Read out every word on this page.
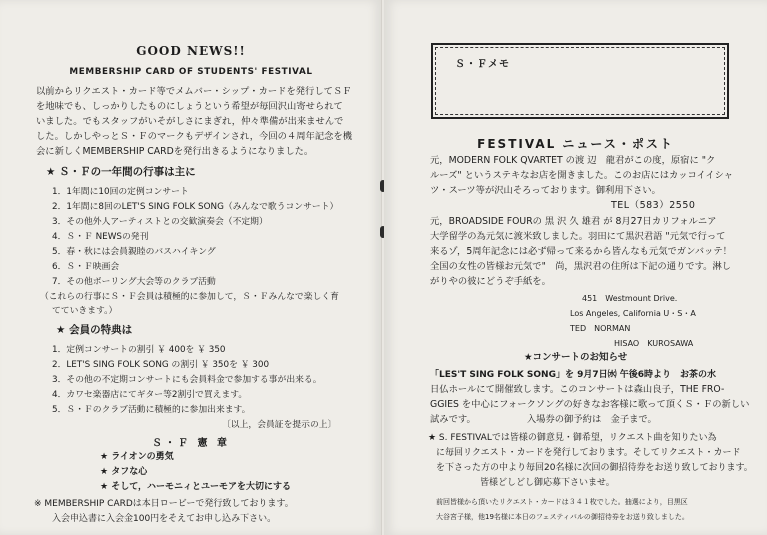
GOOD NEWS!!
MEMBERSHIP CARD OF STUDENTS' FESTIVAL
以前からリクエスト・カード等でメムバー・シップ・カードを発行してＳＦ
を地味でも、しっかりしたものにしょうという希望が毎回沢山寄せられて
いました。でもスタッフがいそがしさにまぎれ，仲々準備が出来ませんで
した。しかしやっとＳ・Ｆのマークもデザインされ，今回の４周年記念を機
会に新しくMEMBERSHIP CARDを発行出きるようになりました。
★ Ｓ・Ｆの一年間の行事は主に
1．1年間に10回の定例コンサート
2．1年間に8回のLET'S SING FOLK SONG（みんなで歌うコンサート）
3．その他外人アーティストとの交歓演奏会（不定期）
4．Ｓ・Ｆ NEWSの発刊
5．春・秋には会員親睦のバスハイキング
6．Ｓ・Ｆ映画会
7．その他ボーリング大会等のクラブ活動
（これらの行事にＳ・Ｆ会員は積極的に参加して，Ｓ・Ｆみんなで楽しく育
てていきます。）
★ 会員の特典は
1．定例コンサートの割引 ￥ 400を ￥ 350
2．LET'S SING FOLK SONG の割引 ￥ 350を ￥ 300
3．その他の不定期コンサートにも会員料金で参加する事が出来る。
4．カワセ楽器店にてギター等2割引で買えます。
5．Ｓ・Ｆのクラブ活動に積極的に参加出来ます。
〔以上，会員証を提示の上〕
Ｓ・Ｆ 憲 章
★ ライオンの勇気
★ タフな心
★ そして，ハーモニィとユーモアを大切にする
※ MEMBERSHIP CARDは本日ロービーで発行致しております。
入会申込書に入会金100円をそえてお申し込み下さい。
Ｓ・Ｆメモ
FESTIVAL ニュース・ポスト
元，MODERN FOLK QVARTET の渡 辺　龍君がこの度，原宿に "ク
ルーズ" というステキなお店を開きました。このお店にはカッコイイシャ
ツ・スーツ等が沢山そろっております。御利用下さい。
TEL（583）2550
元，BROADSIDE FOURの 黒 沢 久 雄君 が 8月27日カリフォルニア
大学留学の為元気に渡米致しました。羽田にて黒沢君語 "元気で行って
来るゾ，5周年記念には必ず帰って来るから皆んなも元気でガンバッテ！
全国の女性の皆様お元気で"　尚，黒沢君の住所は下記の通りです。淋し
がりやの彼にどうぞ手紙を。
451　Westmount Drive.
Los Angeles, California U・S・A
TED　NORMAN
HISAO　KUROSAWA
★コンサートのお知らせ
「LES'T SING FOLK SONG」を 9月7日㈬ 午後6時より　お茶の水
日仏ホールにて開催致します。このコンサートは森山良子，THE FRO-
GGIES を中心にフォークソングの好きなお客様に歌って頂くＳ・Ｆの新しい
試みです。　　　　　　入場券の御予約は　金子まで。
★ S. FESTIVALでは皆様の御意見・御希望，リクエスト曲を知りたい為
に毎回リクエスト・カードを発行しております。そしてリクエスト・カード
を下さった方の中より毎回20名様に次回の御招待券をお送り致しております。
皆様どしどし御応募下さいませ。
前回皆様から頂いたリクエスト・カードは３４１枚でした。抽選により，目黒区
大谷宮子様，他19名様に本日のフェスティバルの御招待券をお送り致しました。
